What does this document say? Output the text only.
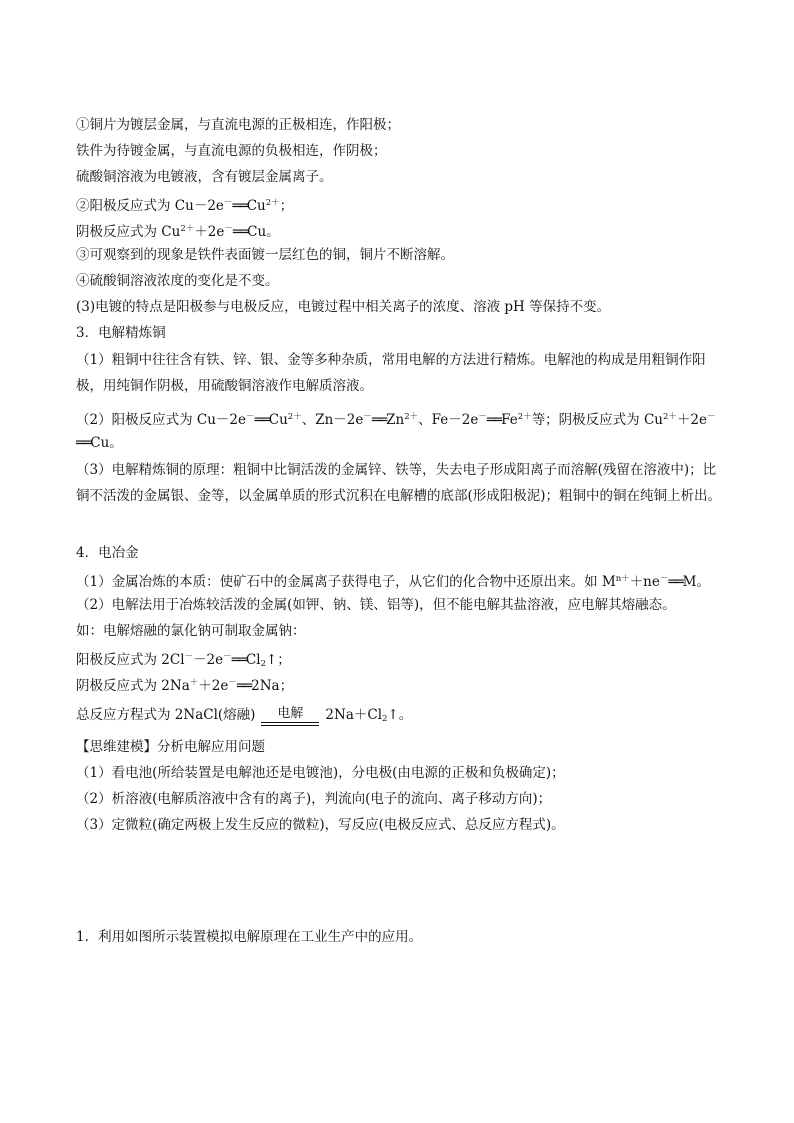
①铜片为镀层金属，与直流电源的正极相连，作阳极；
铁件为待镀金属，与直流电源的负极相连，作阴极；
硫酸铜溶液为电镀液，含有镀层金属离子。
②阳极反应式为 $Cu-2e^-══Cu^{2+}$；
阴极反应式为 $Cu^{2+}+2e^-══Cu$。
③可观察到的现象是铁件表面镀一层红色的铜，铜片不断溶解。
④硫酸铜溶液浓度的变化是不变。
(3)电镀的特点是阳极参与电极反应，电镀过程中相关离子的浓度、溶液 pH 等保持不变。
3．电解精炼铜
（1）粗铜中往往含有铁、锌、银、金等多种杂质，常用电解的方法进行精炼。电解池的构成是用粗铜作阳极，用纯铜作阴极，用硫酸铜溶液作电解质溶液。
（2）阳极反应式为 $Cu-2e^-══Cu^{2+}$、$Zn-2e^-══Zn^{2+}$、$Fe-2e^-══Fe^{2+}$等；阴极反应式为 $Cu^{2+}+2e^-$
══Cu。
（3）电解精炼铜的原理：粗铜中比铜活泼的金属锌、铁等，失去电子形成阳离子而溶解(残留在溶液中)；比铜不活泼的金属银、金等，以金属单质的形式沉积在电解槽的底部(形成阳极泥)；粗铜中的铜在纯铜上析出。
4．电冶金
（1）金属冶炼的本质：使矿石中的金属离子获得电子，从它们的化合物中还原出来。如 $M^{n+}+ne^-══M$。
（2）电解法用于冶炼较活泼的金属(如钾、钠、镁、铝等)，但不能电解其盐溶液，应电解其熔融态。
如：电解熔融的氯化钠可制取金属钠：
阳极反应式为 $2Cl^--2e^-══Cl_2↑$；
阴极反应式为 2Na＋＋2e－══2Na；
总反应方程式为 2NaCl(熔融)	电解	$2Na+Cl_2↑$。
【思维建模】分析电解应用问题
（1）看电池(所给装置是电解池还是电镀池)，分电极(由电源的正极和负极确定)；
（2）析溶液(电解质溶液中含有的离子)，判流向(电子的流向、离子移动方向)；
（3）定微粒(确定两极上发生反应的微粒)，写反应(电极反应式、总反应方程式)。
1．利用如图所示装置模拟电解原理在工业生产中的应用。
